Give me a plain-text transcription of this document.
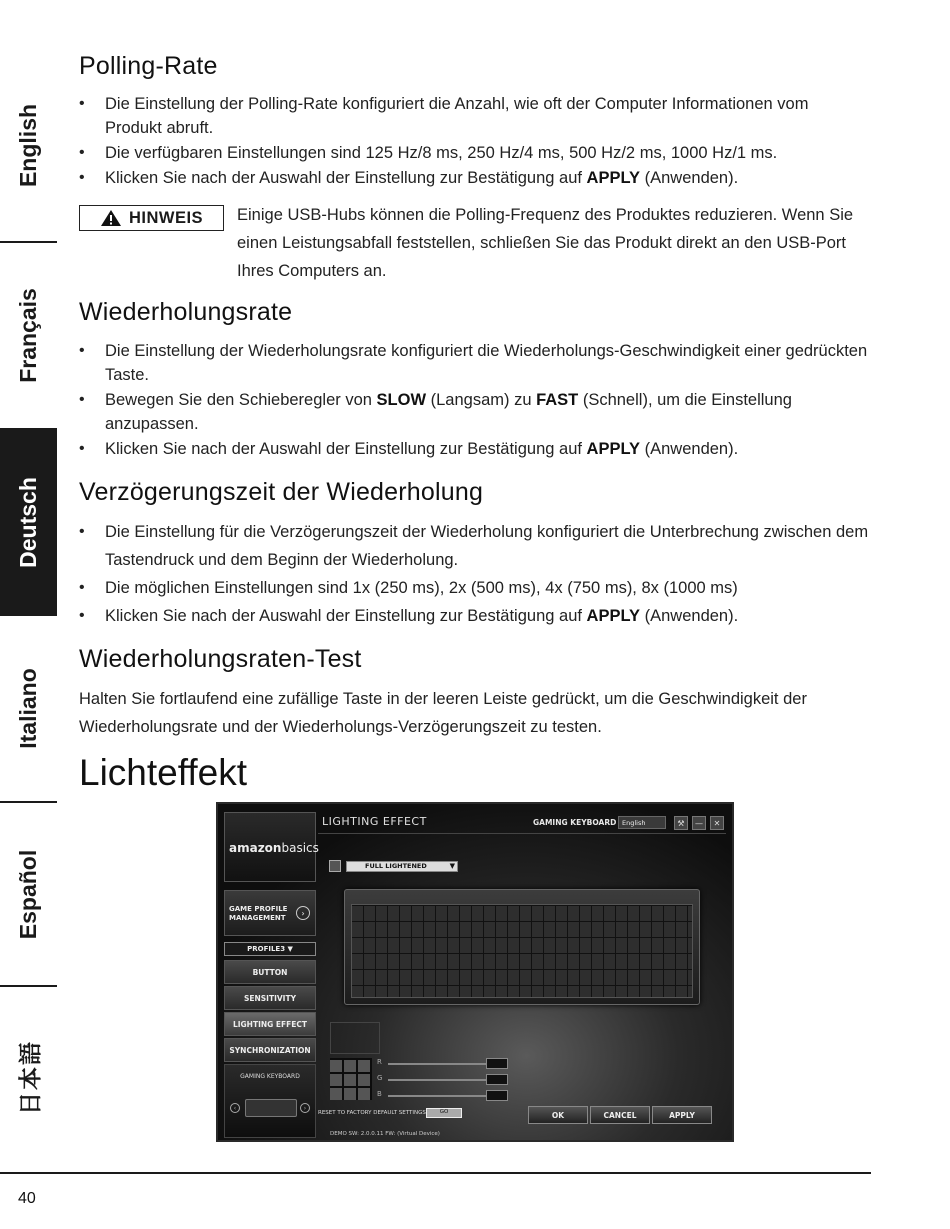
English
Français
Deutsch
Italiano
Español
日本語
Polling-Rate
• Die Einstellung der Polling-Rate konfiguriert die Anzahl, wie oft der Computer Informationen vom Produkt abruft.
• Die verfügbaren Einstellungen sind 125 Hz/8 ms, 250 Hz/4 ms, 500 Hz/2 ms, 1000 Hz/1 ms.
• Klicken Sie nach der Auswahl der Einstellung zur Bestätigung auf APPLY (Anwenden).
HINWEIS Einige USB-Hubs können die Polling-Frequenz des Produktes reduzieren. Wenn Sie einen Leistungsabfall feststellen, schließen Sie das Produkt direkt an den USB-Port Ihres Computers an.
Wiederholungsrate
• Die Einstellung der Wiederholungsrate konfiguriert die Wiederholungs-Geschwindigkeit einer gedrückten Taste.
• Bewegen Sie den Schieberegler von SLOW (Langsam) zu FAST (Schnell), um die Einstellung anzupassen.
• Klicken Sie nach der Auswahl der Einstellung zur Bestätigung auf APPLY (Anwenden).
Verzögerungszeit der Wiederholung
• Die Einstellung für die Verzögerungszeit der Wiederholung konfiguriert die Unterbrechung zwischen dem Tastendruck und dem Beginn der Wiederholung.
• Die möglichen Einstellungen sind 1x (250 ms), 2x (500 ms), 4x (750 ms), 8x (1000 ms)
• Klicken Sie nach der Auswahl der Einstellung zur Bestätigung auf APPLY (Anwenden).
Wiederholungsraten-Test

Halten Sie fortlaufend eine zufällige Taste in der leeren Leiste gedrückt, um die Geschwindigkeit der Wiederholungsrate und der Wiederholungs-Verzögerungszeit zu testen.

Lichteffekt
amazonbasics
GAME PROFILE MANAGEMENT
›
PROFILE3 ▼
BUTTON
SENSITIVITY
LIGHTING EFFECT
SYNCHRONIZATION
GAMING KEYBOARD
‹	›
LIGHTING EFFECT	GAMING KEYBOARD English	⚒	—	✕
FULL LIGHTENED	▼
R
G
B
RESET TO FACTORY DEFAULT SETTINGS	GO	OK	CANCEL	APPLY
DEMO SW: 2.0.0.11 FW: (Virtual Device)
40
